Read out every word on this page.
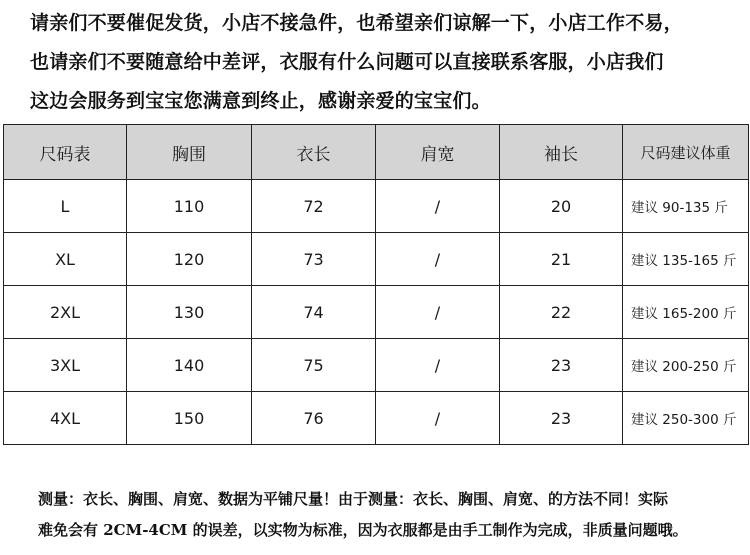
请亲们不要催促发货，小店不接急件，也希望亲们谅解一下，小店工作不易，
也请亲们不要随意给中差评，衣服有什么问题可以直接联系客服，小店我们
这边会服务到宝宝您满意到终止，感谢亲爱的宝宝们。
尺码表	胸围	衣长	肩宽	袖长	尺码建议体重
L	110	72	/	20	建议 90-135 斤
XL	120	73	/	21	建议 135-165 斤
2XL	130	74	/	22	建议 165-200 斤
3XL	140	75	/	23	建议 200-250 斤
4XL	150	76	/	23	建议 250-300 斤
测量：衣长、胸围、肩宽、数据为平铺尺量！由于测量：衣长、胸围、肩宽、的方法不同！实际
难免会有 2CM-4CM 的误差，以实物为标准，因为衣服都是由手工制作为完成，非质量问题哦。
